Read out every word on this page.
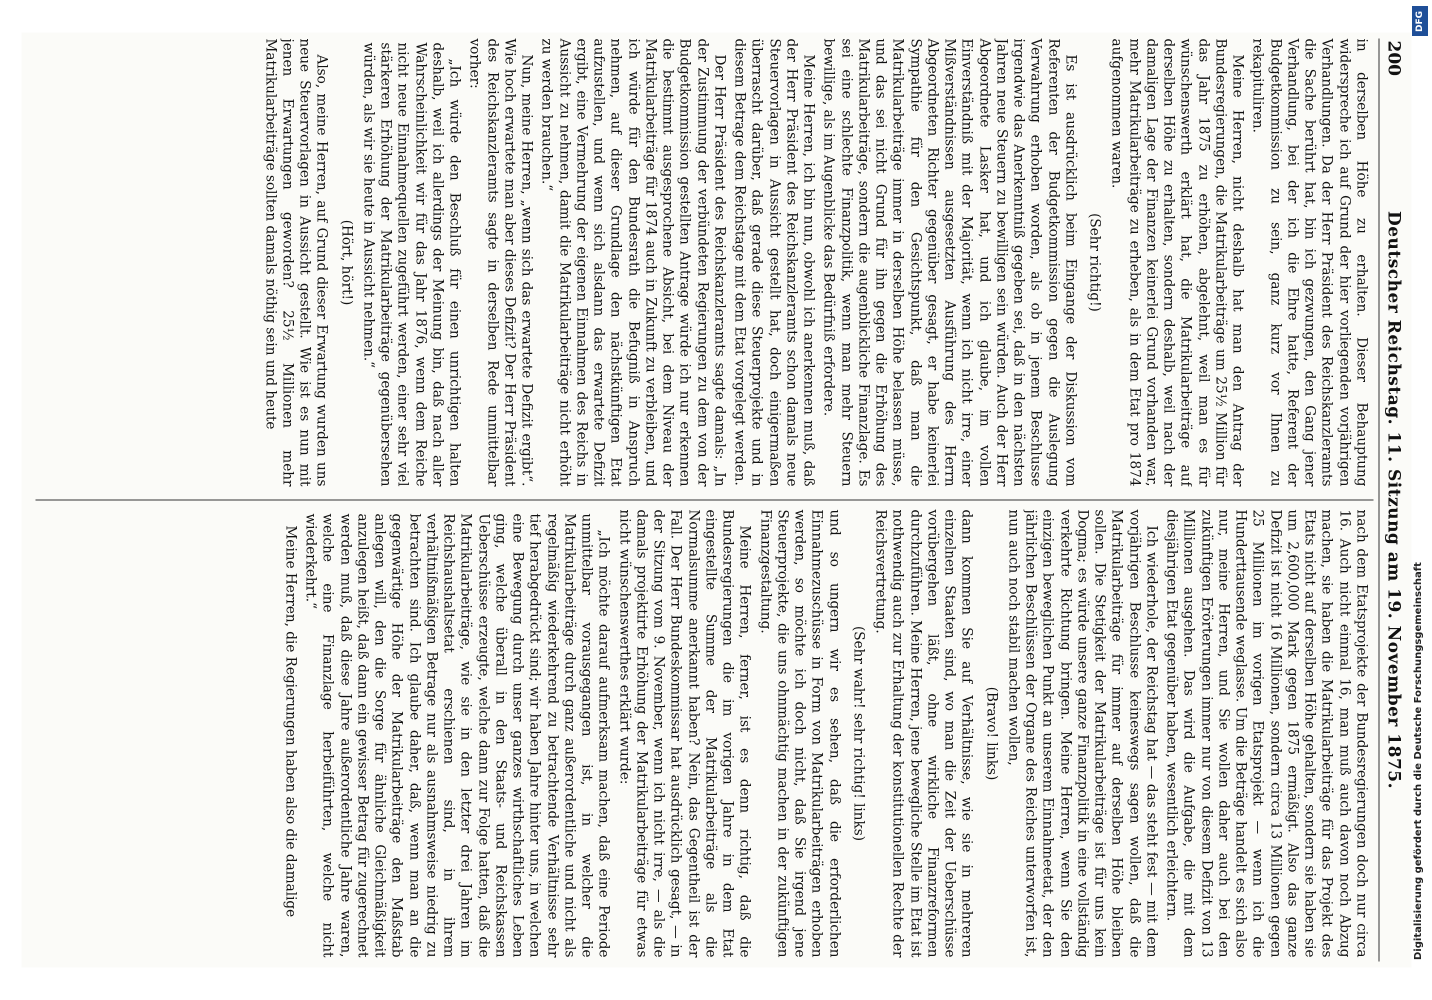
200
Deutscher Reichstag. 11. Sitzung am 19. November 1875.

in derselben Höhe zu erhalten. Dieser Behauptung widerspreche ich auf Grund der hier vorliegenden vorjährigen Verhandlungen. Da der Herr Präsident des Reichskanzleramts die Sache berührt hat, bin ich gezwungen, den Gang jener Verhandlung, bei der ich die Ehre hatte, Referent der Budgetkommission zu sein, ganz kurz vor Ihnen zu rekapituliren.

Meine Herren, nicht deshalb hat man den Antrag der Bundesregierungen, die Matrikularbeiträge um 25½ Million für das Jahr 1875 zu erhöhen, abgelehnt, weil man es für wünschenswerth erklärt hat, die Matrikularbeiträge auf derselben Höhe zu erhalten, sondern deshalb, weil nach der damaligen Lage der Finanzen keinerlei Grund vorhanden war, mehr Matrikularbeiträge zu erheben, als in dem Etat pro 1874 aufgenommen waren.

(Sehr richtig!)

Es ist ausdrücklich beim Eingange der Diskussion vom Referenten der Budgetkommission gegen die Auslegung Verwahrung erhoben worden, als ob in jenem Beschlusse irgendwie das Anerkenntniß gegeben sei, daß in den nächsten Jahren neue Steuern zu bewilligen sein würden. Auch der Herr Abgeordnete Lasker hat, und ich glaube, im vollen Einverständniß mit der Majorität, wenn ich nicht irre, einer Mißverständnissen ausgesetzten Ausführung des Herrn Abgeordneten Richter gegenüber gesagt, er habe keinerlei Sympathie für den Gesichtspunkt, daß man die Matrikularbeiträge immer in derselben Höhe belassen müsse, und das sei nicht Grund für ihn gegen die Erhöhung des Matrikularbeiträge, sondern die augenblickliche Finanzlage. Es sei eine schlechte Finanzpolitik, wenn man mehr Steuern bewillige, als im Augenblicke das Bedürfniß erfordere.

Meine Herren, ich bin nun, obwohl ich anerkennen muß, daß der Herr Präsident des Reichskanzleramts schon damals neue Steuervorlagen in Aussicht gestellt hat, doch einigermaßen überrascht darüber, daß gerade diese Steuerprojekte und in diesem Betrage dem Reichstage mit dem Etat vorgelegt werden.

Der Herr Präsident des Reichskanzleramts sagte damals: „In der Zustimmung der verbündeten Regierungen zu dem von der Budgetkommission gestellten Antrage würde ich nur erkennen die bestimmt ausgesprochene Absicht, bei dem Niveau der Matrikularbeiträge für 1874 auch in Zukunft zu verbleiben, und ich würde für den Bundesrath die Befugniß in Anspruch nehmen, auf dieser Grundlage den nächstkünftigen Etat aufzustellen, und wenn sich alsdann das erwartete Defizit ergibt, eine Vermehrung der eigenen Einnahmen des Reichs in Aussicht zu nehmen, damit die Matrikularbeiträge nicht erhöht zu werden brauchen.“

Nun, meine Herren, „wenn sich das erwartete Defizit ergibt“. Wie hoch erwartete man aber dieses Defizit? Der Herr Präsident des Reichskanzleramts sagte in derselben Rede unmittelbar vorher:

„Ich würde den Beschluß für einen unrichtigen halten deshalb, weil ich allerdings der Meinung bin, daß nach aller Wahrscheinlichkeit wir für das Jahr 1876, wenn dem Reiche nicht neue Einnahmequellen zugeführt werden, einer sehr viel stärkeren Erhöhung der Matrikularbeiträge gegenübersehen würden, als wir sie heute in Aussicht nehmen.“

(Hört, hört!)

Also, meine Herren, auf Grund dieser Erwartung wurden uns neue Steuervorlagen in Aussicht gestellt. Wie ist es nun mit jenen Erwartungen geworden? 25½ Millionen mehr Matrikularbeiträge sollten damals nöthig sein und heute

nach dem Etatsprojekte der Bundesregierungen doch nur circa 16. Auch nicht einmal 16, man muß auch davon noch Abzug machen, sie haben die Matrikularbeiträge für das Projekt des Etats nicht auf derselben Höhe gehalten, sondern sie haben sie um 2,600,000 Mark gegen 1875 ermäßigt. Also das ganze Defizit ist nicht 16 Millionen, sondern circa 13 Millionen gegen 25 Millionen im vorigen Etatsprojekt — wenn ich die Hunderttausende weglasse. Um die Beträge handelt es sich also nur, meine Herren, und Sie wollen daher auch bei den zukünftigen Erörterungen immer nur von diesem Defizit von 13 Millionen ausgehen. Das wird die Aufgabe, die mit dem diesjährigen Etat gegenüber haben, wesentlich erleichtern.

Ich wiederhole, der Reichstag hat — das steht fest — mit dem vorjährigen Beschlusse keineswegs sagen wollen, daß die Matrikularbeiträge für immer auf derselben Höhe bleiben sollen. Die Stetigkeit der Matrikularbeiträge ist für uns kein Dogma; es würde unsere ganze Finanzpolitik in eine vollständig verkehrte Richtung bringen. Meine Herren, wenn Sie den einzigen beweglichen Punkt an unserem Einnahmeetat, der den jährlichen Beschlüssen der Organe des Reiches unterworfen ist, nun auch noch stabil machen wollen,

(Bravo! links)

dann kommen Sie auf Verhältnisse, wie sie in mehreren einzelnen Staaten sind, wo man die Zeit der Ueberschüsse vorübergehen läßt, ohne wirkliche Finanzreformen durchzuführen. Meine Herren, jene bewegliche Stelle im Etat ist nothwendig auch zur Erhaltung der konstitutionellen Rechte der Reichsvertretung.

(Sehr wahr! sehr richtig! links)

und so ungern wir es sehen, daß die erforderlichen Einnahmezuschüsse in Form von Matrikularbeiträgen erhoben werden, so möchte ich doch nicht, daß Sie irgend jene Steuerprojekte, die uns ohnmächtig machen in der zukünftigen Finanzgestaltung.

Meine Herren, ferner, ist es denn richtig, daß die Bundesregierungen die im vorigen Jahre in dem Etat eingestellte Summe der Matrikularbeiträge als die Normalsumme anerkannt haben? Nein, das Gegentheil ist der Fall. Der Herr Bundeskommissar hat ausdrücklich gesagt, — in der Sitzung vom 9. November, wenn ich nicht irre, — als die damals projektirte Erhöhung der Matrikularbeiträge für etwas nicht wünschenswerthes erklärt wurde:

„Ich möchte darauf aufmerksam machen, daß eine Periode unmittelbar vorausgegangen ist, in welcher die Matrikularbeiträge durch ganz außerordentliche und nicht als regelmäßig wiederkehrend zu betrachtende Verhältnisse sehr tief herabgedrückt sind; wir haben Jahre hinter uns, in welchen eine Bewegung durch unser ganzes wirthschaftliches Leben ging, welche überall in den Staats- und Reichskassen Ueberschüsse erzeugte, welche dann zur Folge hatten, daß die Matrikularbeiträge, wie sie in den letzter drei Jahren im Reichshaushaltsetat erschienen sind, in ihrem verhältnißmäßigen Betrage nur als ausnahmsweise niedrig zu betrachten sind. Ich glaube daher, daß, wenn man an die gegenwärtige Höhe der Matrikularbeiträge den Maßstab anlegen will, den die Sorge für ähnliche Gleichmäßigkeit anzulegen heißt, daß dann ein gewisser Betrag für zugerechnet werden muß, daß diese Jahre außerordentliche Jahre waren, welche eine Finanzlage herbeiführten, welche nicht wiederkehrt.“

Meine Herren, die Regierungen haben also die damalige

DFG
Digitalisierung gefördert durch die Deutsche Forschungsgemeinschaft
